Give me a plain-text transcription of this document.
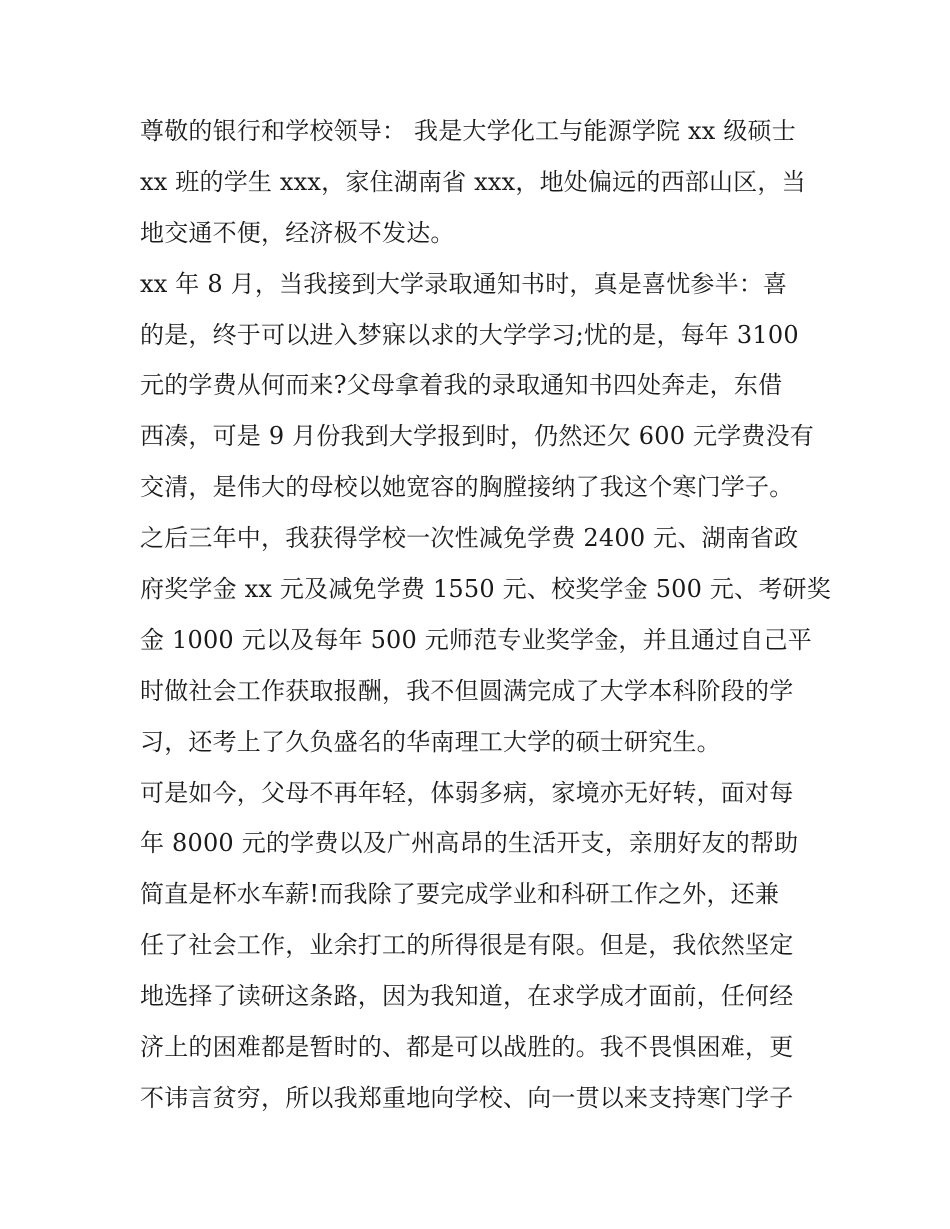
尊敬的银行和学校领导： 我是大学化工与能源学院 xx 级硕士
xx 班的学生 xxx，家住湖南省 xxx，地处偏远的西部山区，当
地交通不便，经济极不发达。
xx 年 8 月，当我接到大学录取通知书时，真是喜忧参半：喜
的是，终于可以进入梦寐以求的大学学习;忧的是，每年 3100
元的学费从何而来?父母拿着我的录取通知书四处奔走，东借
西凑，可是 9 月份我到大学报到时，仍然还欠 600 元学费没有
交清，是伟大的母校以她宽容的胸膛接纳了我这个寒门学子。
之后三年中，我获得学校一次性减免学费 2400 元、湖南省政
府奖学金 xx 元及减免学费 1550 元、校奖学金 500 元、考研奖
金 1000 元以及每年 500 元师范专业奖学金，并且通过自己平
时做社会工作获取报酬，我不但圆满完成了大学本科阶段的学
习，还考上了久负盛名的华南理工大学的硕士研究生。
可是如今，父母不再年轻，体弱多病，家境亦无好转，面对每
年 8000 元的学费以及广州高昂的生活开支，亲朋好友的帮助
简直是杯水车薪!而我除了要完成学业和科研工作之外，还兼
任了社会工作，业余打工的所得很是有限。但是，我依然坚定
地选择了读研这条路，因为我知道，在求学成才面前，任何经
济上的困难都是暂时的、都是可以战胜的。我不畏惧困难，更
不讳言贫穷，所以我郑重地向学校、向一贯以来支持寒门学子
